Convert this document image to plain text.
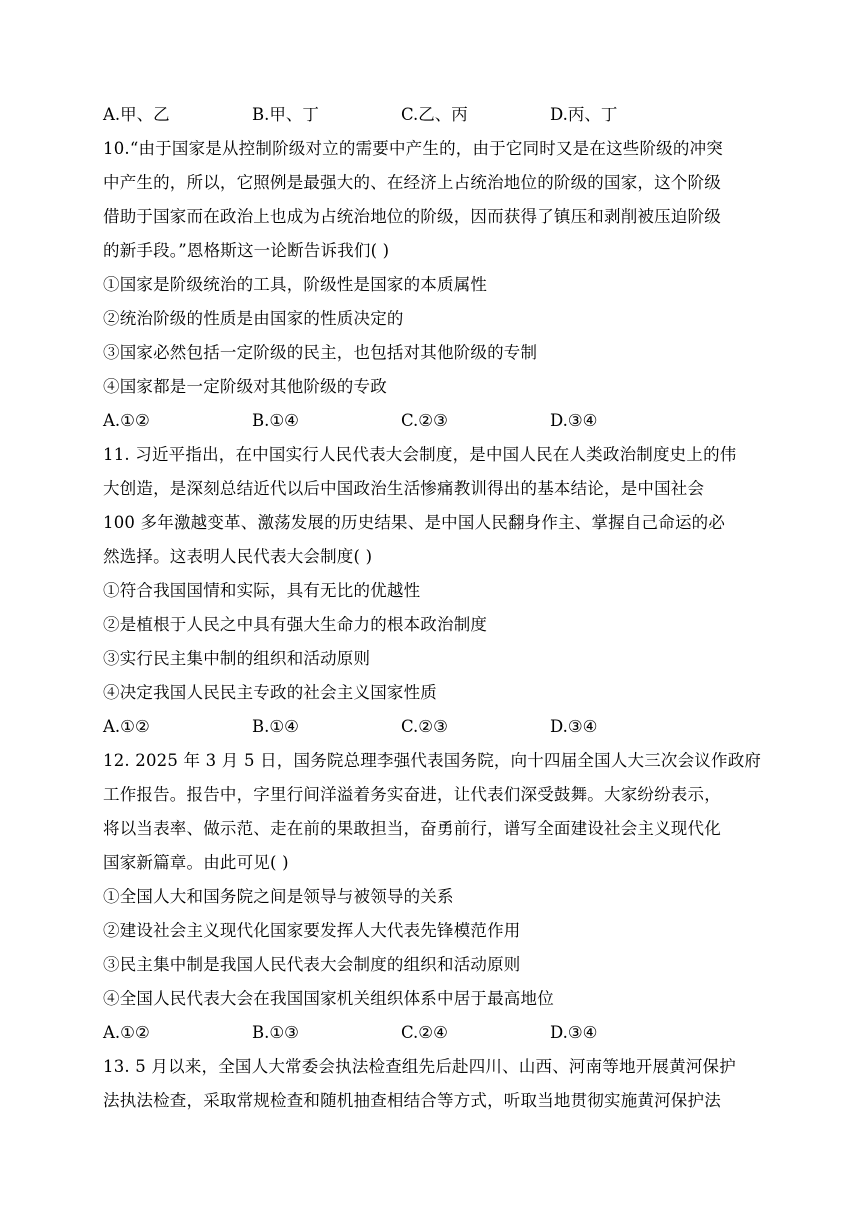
A.甲、乙	B.甲、丁	C.乙、丙	D.丙、丁
10.“由于国家是从控制阶级对立的需要中产生的，由于它同时又是在这些阶级的冲突
中产生的，所以，它照例是最强大的、在经济上占统治地位的阶级的国家，这个阶级
借助于国家而在政治上也成为占统治地位的阶级，因而获得了镇压和剥削被压迫阶级
的新手段。”恩格斯这一论断告诉我们( )
①国家是阶级统治的工具，阶级性是国家的本质属性
②统治阶级的性质是由国家的性质决定的
③国家必然包括一定阶级的民主，也包括对其他阶级的专制
④国家都是一定阶级对其他阶级的专政
A.①②	B.①④	C.②③	D.③④
11. 习近平指出，在中国实行人民代表大会制度，是中国人民在人类政治制度史上的伟
大创造，是深刻总结近代以后中国政治生活惨痛教训得出的基本结论，是中国社会
100 多年激越变革、激荡发展的历史结果、是中国人民翻身作主、掌握自己命运的必
然选择。这表明人民代表大会制度( )
①符合我国国情和实际，具有无比的优越性
②是植根于人民之中具有强大生命力的根本政治制度
③实行民主集中制的组织和活动原则
④决定我国人民民主专政的社会主义国家性质
A.①②	B.①④	C.②③	D.③④
12. 2025 年 3 月 5 日，国务院总理李强代表国务院，向十四届全国人大三次会议作政府
工作报告。报告中，字里行间洋溢着务实奋进，让代表们深受鼓舞。大家纷纷表示，
将以当表率、做示范、走在前的果敢担当，奋勇前行，谱写全面建设社会主义现代化
国家新篇章。由此可见( )
①全国人大和国务院之间是领导与被领导的关系
②建设社会主义现代化国家要发挥人大代表先锋模范作用
③民主集中制是我国人民代表大会制度的组织和活动原则
④全国人民代表大会在我国国家机关组织体系中居于最高地位
A.①②	B.①③	C.②④	D.③④
13. 5 月以来，全国人大常委会执法检查组先后赴四川、山西、河南等地开展黄河保护
法执法检查，采取常规检查和随机抽查相结合等方式，听取当地贯彻实施黄河保护法
